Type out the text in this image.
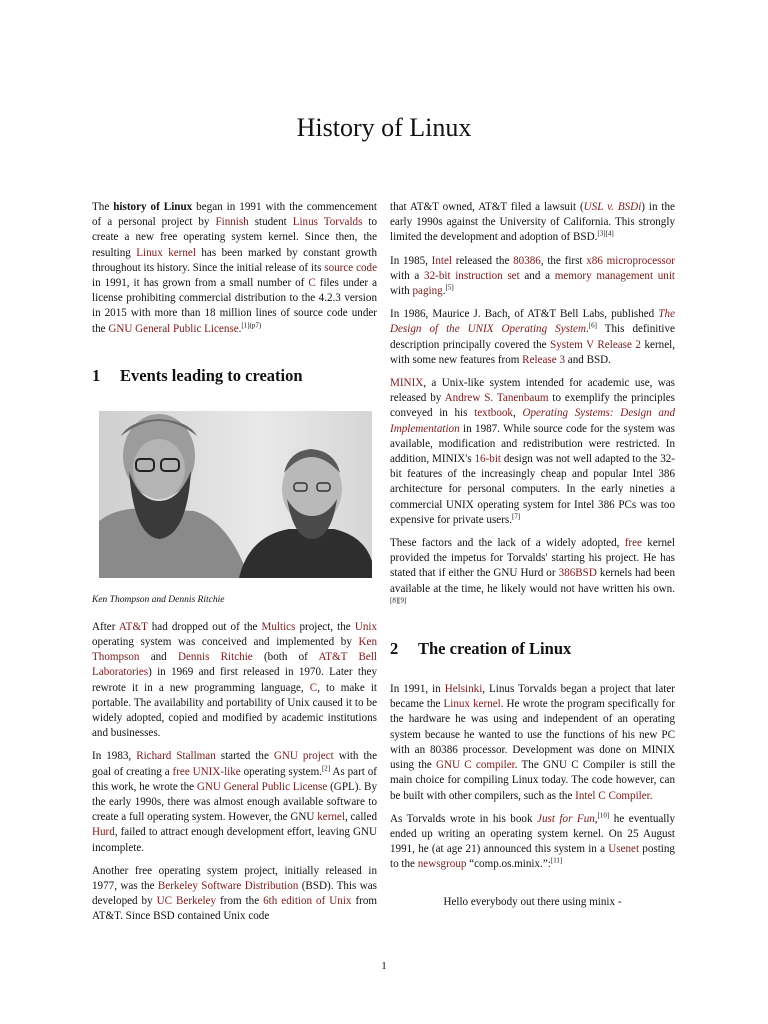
History of Linux

The history of Linux began in 1991 with the commencement of a personal project by Finnish student Linus Torvalds to create a new free operating system kernel. Since then, the resulting Linux kernel has been marked by constant growth throughout its history. Since the initial release of its source code in 1991, it has grown from a small number of C files under a license prohibiting commercial distribution to the 4.2.3 version in 2015 with more than 18 million lines of source code under the GNU General Public License.$^{[1](p7)}$

1 Events leading to creation
Ken Thompson and Dennis Ritchie

After AT&T had dropped out of the Multics project, the Unix operating system was conceived and implemented by Ken Thompson and Dennis Ritchie (both of AT&T Bell Laboratories) in 1969 and first released in 1970. Later they rewrote it in a new programming language, C, to make it portable. The availability and portability of Unix caused it to be widely adopted, copied and modified by academic institutions and businesses.

In 1983, Richard Stallman started the GNU project with the goal of creating a free UNIX-like operating system.[2] As part of this work, he wrote the GNU General Public License (GPL). By the early 1990s, there was almost enough available software to create a full operating system. However, the GNU kernel, called Hurd, failed to attract enough development effort, leaving GNU incomplete.

Another free operating system project, initially released in 1977, was the Berkeley Software Distribution (BSD). This was developed by UC Berkeley from the 6th edition of Unix from AT&T. Since BSD contained Unix code

that AT&T owned, AT&T filed a lawsuit (USL v. BSDi) in the early 1990s against the University of California. This strongly limited the development and adoption of BSD.[3][4]

In 1985, Intel released the 80386, the first x86 microprocessor with a 32-bit instruction set and a memory management unit with paging.[5]

In 1986, Maurice J. Bach, of AT&T Bell Labs, published The Design of the UNIX Operating System.[6] This definitive description principally covered the System V Release 2 kernel, with some new features from Release 3 and BSD.

MINIX, a Unix-like system intended for academic use, was released by Andrew S. Tanenbaum to exemplify the principles conveyed in his textbook, Operating Systems: Design and Implementation in 1987. While source code for the system was available, modification and redistribution were restricted. In addition, MINIX's 16-bit design was not well adapted to the 32-bit features of the increasingly cheap and popular Intel 386 architecture for personal computers. In the early nineties a commercial UNIX operating system for Intel 386 PCs was too expensive for private users.[7]

These factors and the lack of a widely adopted, free kernel provided the impetus for Torvalds' starting his project. He has stated that if either the GNU Hurd or 386BSD kernels had been available at the time, he likely would not have written his own.[8][9]

2 The creation of Linux

In 1991, in Helsinki, Linus Torvalds began a project that later became the Linux kernel. He wrote the program specifically for the hardware he was using and independent of an operating system because he wanted to use the functions of his new PC with an 80386 processor. Development was done on MINIX using the GNU C compiler. The GNU C Compiler is still the main choice for compiling Linux today. The code however, can be built with other compilers, such as the Intel C Compiler.

As Torvalds wrote in his book Just for Fun,[10] he eventually ended up writing an operating system kernel. On 25 August 1991, he (at age 21) announced this system in a Usenet posting to the newsgroup “comp.os.minix.”:[11]

Hello everybody out there using minix -
1
